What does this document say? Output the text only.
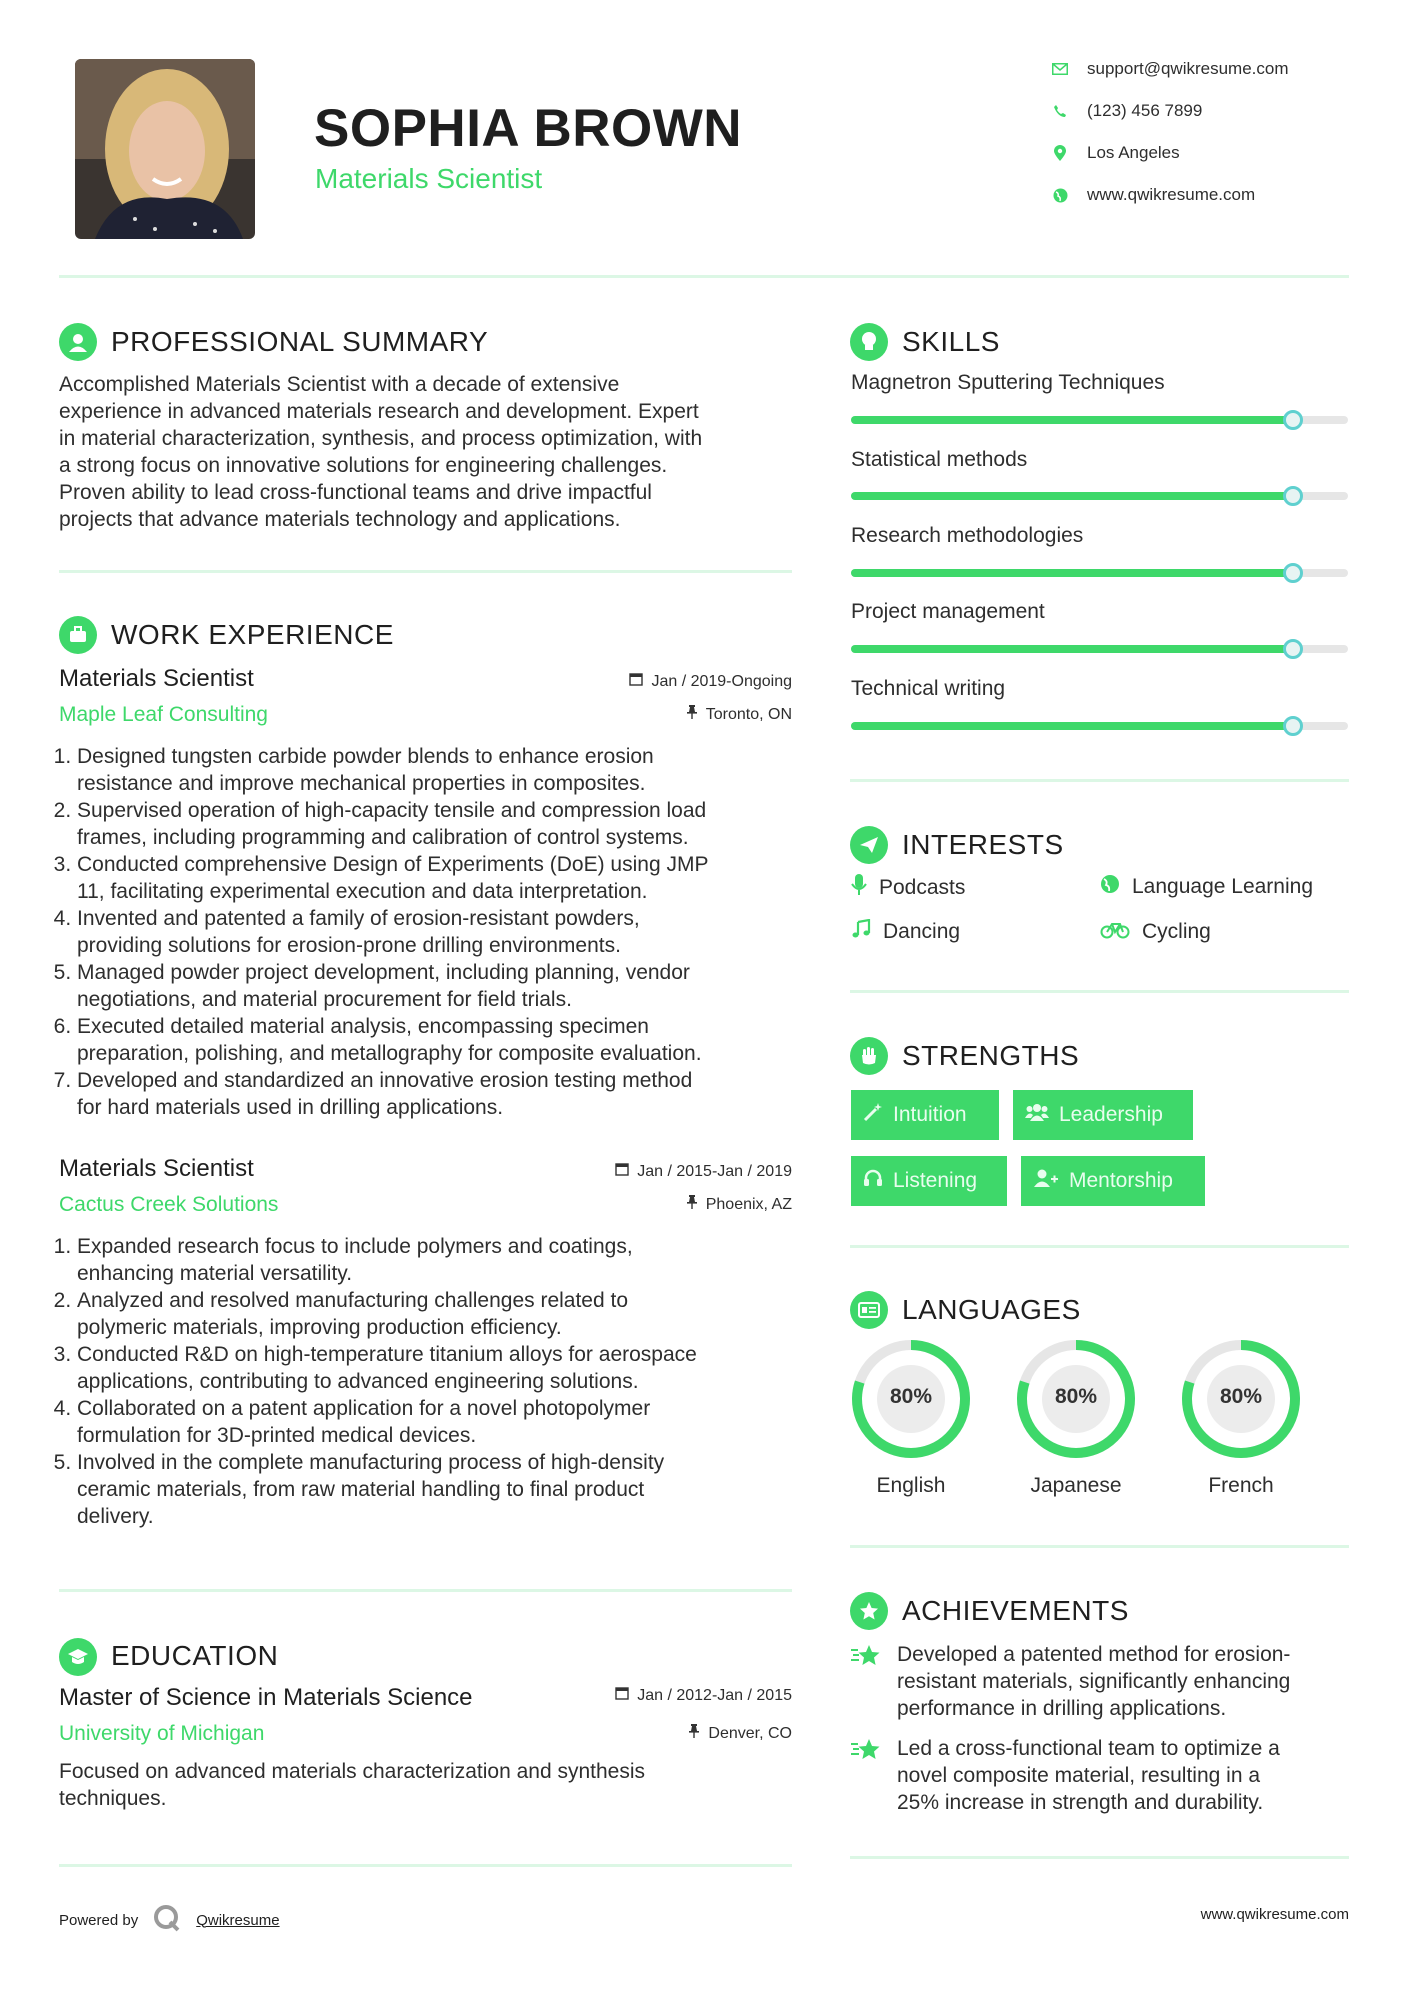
SOPHIA BROWN
Materials Scientist
support@qwikresume.com
(123) 456 7899
Los Angeles
www.qwikresume.com
PROFESSIONAL SUMMARY
Accomplished Materials Scientist with a decade of extensive
experience in advanced materials research and development. Expert
in material characterization, synthesis, and process optimization, with
a strong focus on innovative solutions for engineering challenges.
Proven ability to lead cross-functional teams and drive impactful
projects that advance materials technology and applications.
WORK EXPERIENCE
Materials Scientist	Jan / 2019-Ongoing
Maple Leaf Consulting	Toronto, ON
1. Designed tungsten carbide powder blends to enhance erosion
resistance and improve mechanical properties in composites.
2. Supervised operation of high-capacity tensile and compression load
frames, including programming and calibration of control systems.
3. Conducted comprehensive Design of Experiments (DoE) using JMP
11, facilitating experimental execution and data interpretation.
4. Invented and patented a family of erosion-resistant powders,
providing solutions for erosion-prone drilling environments.
5. Managed powder project development, including planning, vendor
negotiations, and material procurement for field trials.
6. Executed detailed material analysis, encompassing specimen
preparation, polishing, and metallography for composite evaluation.
7. Developed and standardized an innovative erosion testing method
for hard materials used in drilling applications.
Materials Scientist	Jan / 2015-Jan / 2019
Cactus Creek Solutions	Phoenix, AZ
1. Expanded research focus to include polymers and coatings,
enhancing material versatility.
2. Analyzed and resolved manufacturing challenges related to
polymeric materials, improving production efficiency.
3. Conducted R&D on high-temperature titanium alloys for aerospace
applications, contributing to advanced engineering solutions.
4. Collaborated on a patent application for a novel photopolymer
formulation for 3D-printed medical devices.
5. Involved in the complete manufacturing process of high-density
ceramic materials, from raw material handling to final product
delivery.
EDUCATION
Master of Science in Materials Science	Jan / 2012-Jan / 2015
University of Michigan	Denver, CO
Focused on advanced materials characterization and synthesis
techniques.
SKILLS
Magnetron Sputtering Techniques
Statistical methods
Research methodologies
Project management
Technical writing
INTERESTS
Podcasts	Language Learning
Dancing	Cycling
STRENGTHS
Intuition	Leadership
Listening	Mentorship
LANGUAGES
80%
English
80%
Japanese
80%
French
ACHIEVEMENTS
Developed a patented method for erosion-
resistant materials, significantly enhancing
performance in drilling applications.
Led a cross-functional team to optimize a
novel composite material, resulting in a
25% increase in strength and durability.
Powered by	Qwikresume	www.qwikresume.com
